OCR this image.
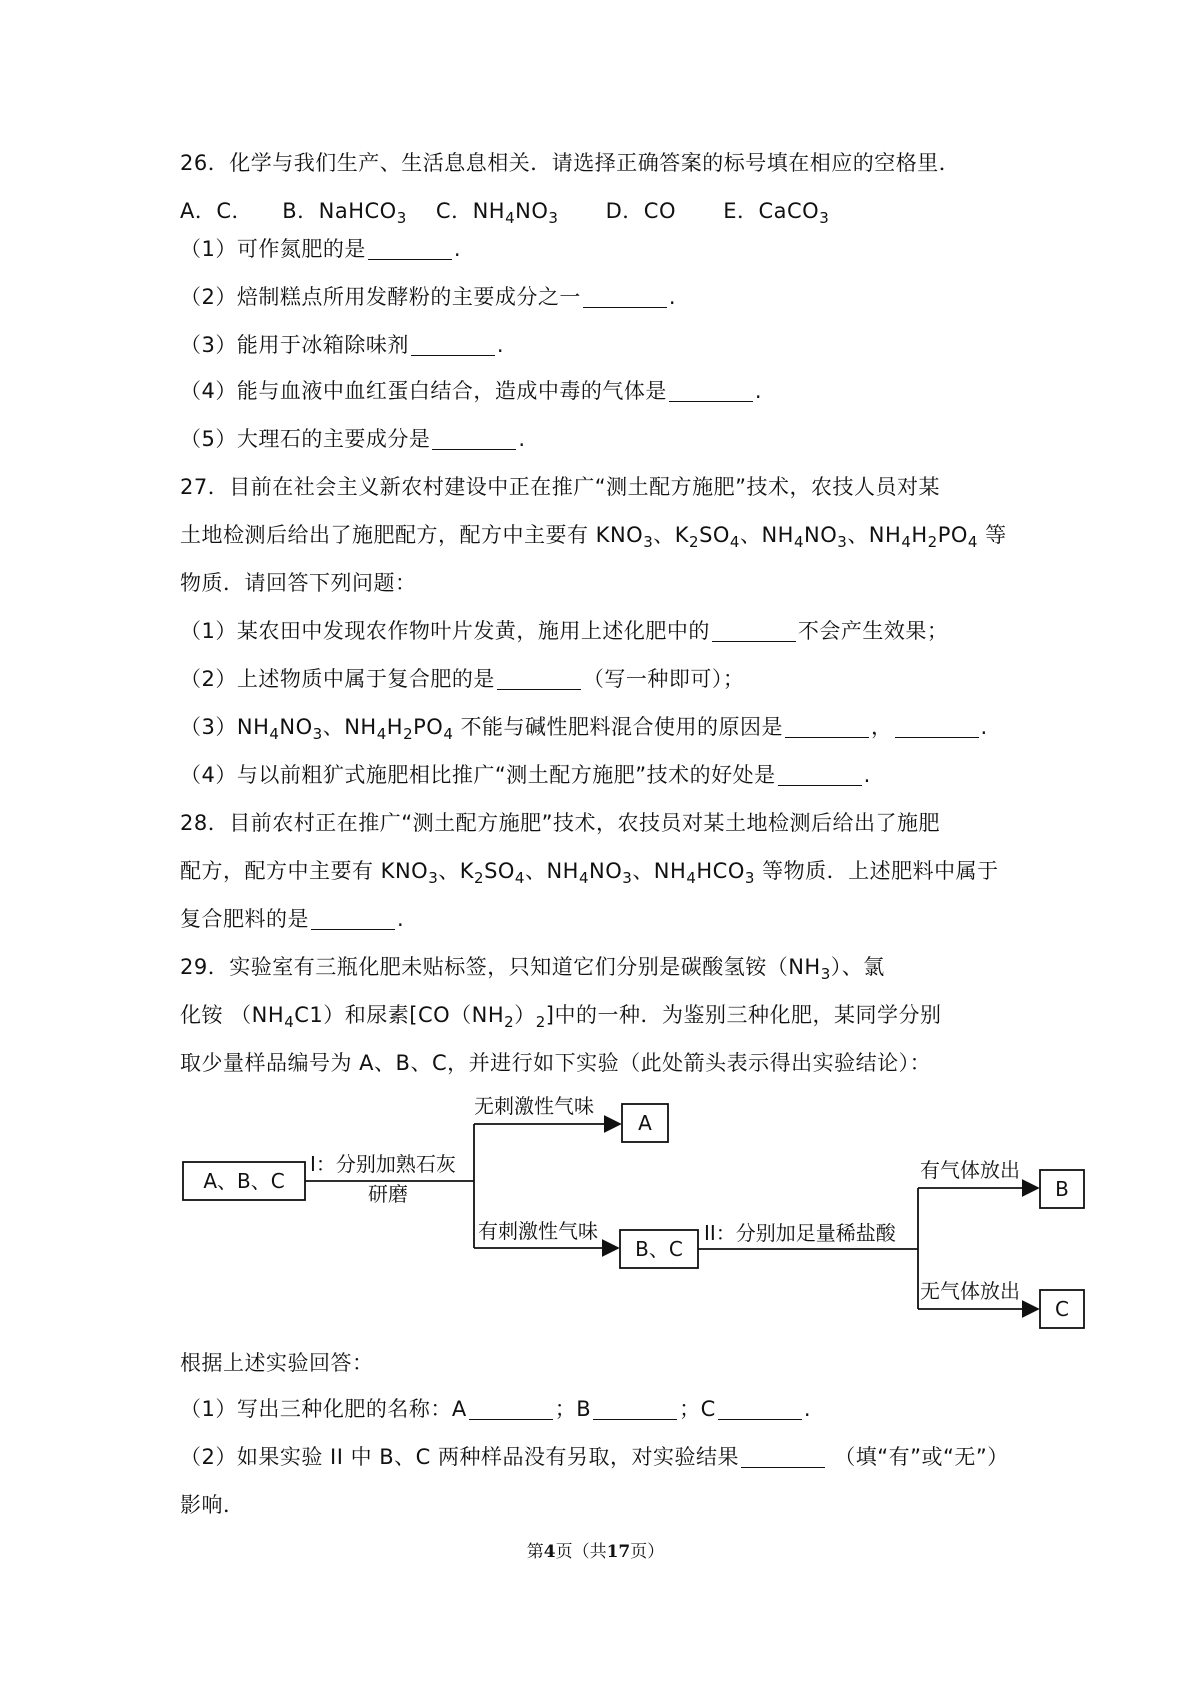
26．化学与我们生产、生活息息相关．请选择正确答案的标号填在相应的空格里．
A．C． B．NaHCO$_3$ C．$NH_4NO_3$ D．CO E．CaCO$_3$
（1）可作氮肥的是	.
（2）焙制糕点所用发酵粉的主要成分之一	.
（3）能用于冰箱除味剂	.
（4）能与血液中血红蛋白结合，造成中毒的气体是	.
（5）大理石的主要成分是	.
27．目前在社会主义新农村建设中正在推广“测土配方施肥”技术，农技人员对某
土地检测后给出了施肥配方，配方中主要有 $KNO_3$、$K_2SO_4$、$NH_4NO_3$、$NH_4H_2PO_4$ 等
物质．请回答下列问题：
（1）某农田中发现农作物叶片发黄，施用上述化肥中的	不会产生效果；
（2）上述物质中属于复合肥的是	（写一种即可）；
$(3)NH_4NO_3$、$NH_4H_2PO_4$ 不能与碱性肥料混合使用的原因是	，	.
（4）与以前粗犷式施肥相比推广“测土配方施肥”技术的好处是	.
28．目前农村正在推广“测土配方施肥”技术，农技员对某土地检测后给出了施肥
配方，配方中主要有 $KNO_3$、$K_2SO_4$、$NH_4NO_3$、$NH_4HCO_3$ 等物质．上述肥料中属于
复合肥料的是	.
29．实验室有三瓶化肥未贴标签，只知道它们分别是碳酸氢铵$(NH_3)$、氯
化铵 $(NH_4C1)$和尿素$[CO(NH_2)_2]$中的一种．为鉴别三种化肥，某同学分别
取少量样品编号为 A、B、C，并进行如下实验（此处箭头表示得出实验结论）：
A、B、C
I：分别加熟石灰
研磨
无刺激性气味
A
有刺激性气味
B、C
II：分别加足量稀盐酸
有气体放出
B
无气体放出
C
根据上述实验回答：
（1）写出三种化肥的名称：A	；B	；C	.
（2）如果实验 II 中 B、C 两种样品没有另取，对实验结果	（填“有”或“无”）
影响．
第4页（共17页）
